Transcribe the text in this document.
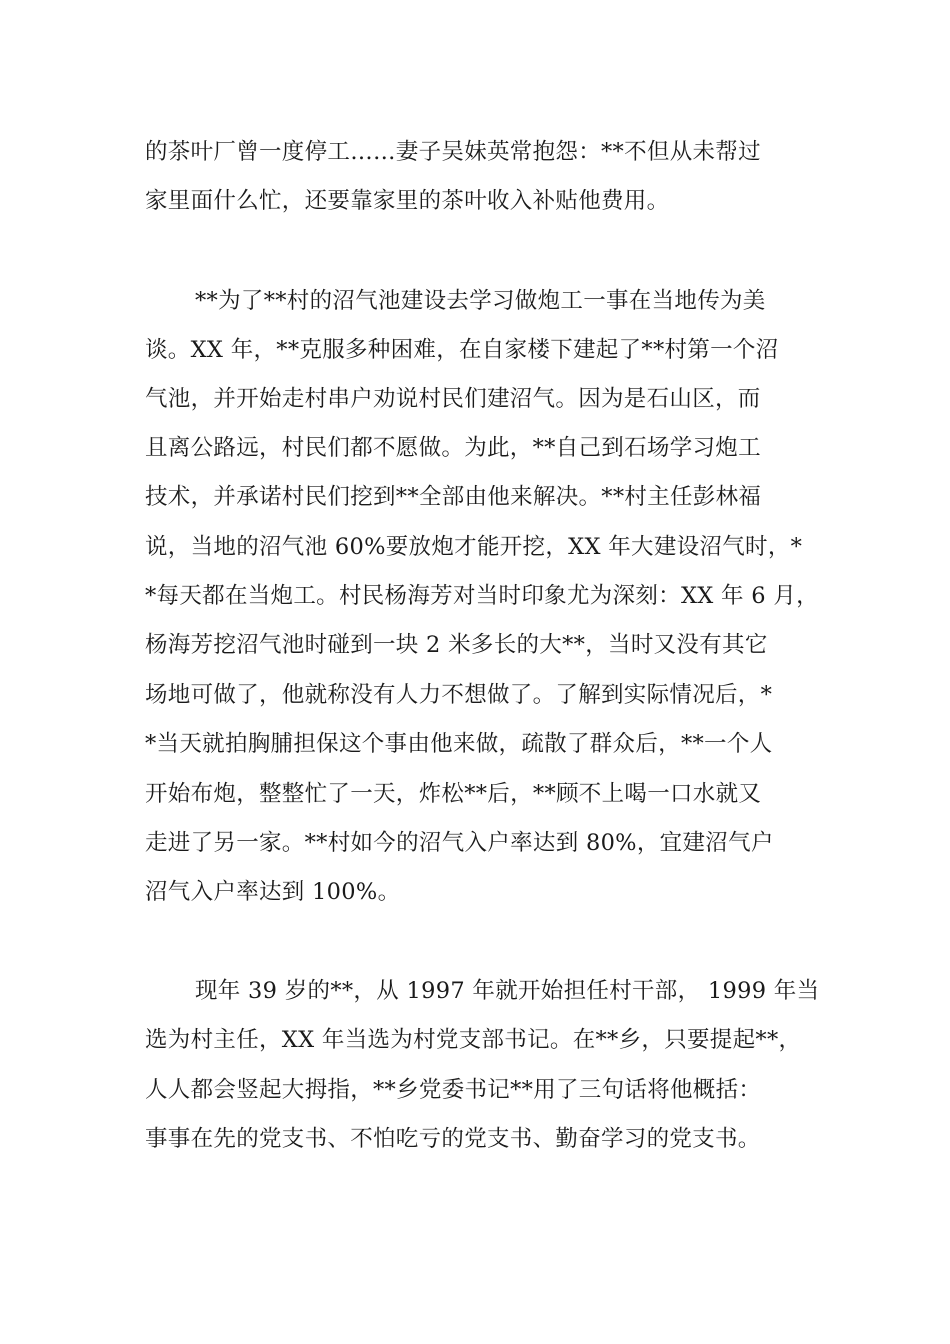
的茶叶厂曾一度停工……妻子吴妹英常抱怨：**不但从未帮过
家里面什么忙，还要靠家里的茶叶收入补贴他费用。
**为了**村的沼气池建设去学习做炮工一事在当地传为美
谈。XX 年，**克服多种困难，在自家楼下建起了**村第一个沼
气池，并开始走村串户劝说村民们建沼气。因为是石山区，而
且离公路远，村民们都不愿做。为此，**自己到石场学习炮工
技术，并承诺村民们挖到**全部由他来解决。**村主任彭林福
说，当地的沼气池 60%要放炮才能开挖，XX 年大建设沼气时，*
*每天都在当炮工。村民杨海芳对当时印象尤为深刻：XX 年 6 月，
杨海芳挖沼气池时碰到一块 2 米多长的大**，当时又没有其它
场地可做了，他就称没有人力不想做了。了解到实际情况后，*
*当天就拍胸脯担保这个事由他来做，疏散了群众后，**一个人
开始布炮，整整忙了一天，炸松**后，**顾不上喝一口水就又
走进了另一家。**村如今的沼气入户率达到 80%，宜建沼气户
沼气入户率达到 100%。
现年 39 岁的**，从 1997 年就开始担任村干部， 1999 年当
选为村主任，XX 年当选为村党支部书记。在**乡，只要提起**，
人人都会竖起大拇指，**乡党委书记**用了三句话将他概括：
事事在先的党支书、不怕吃亏的党支书、勤奋学习的党支书。
